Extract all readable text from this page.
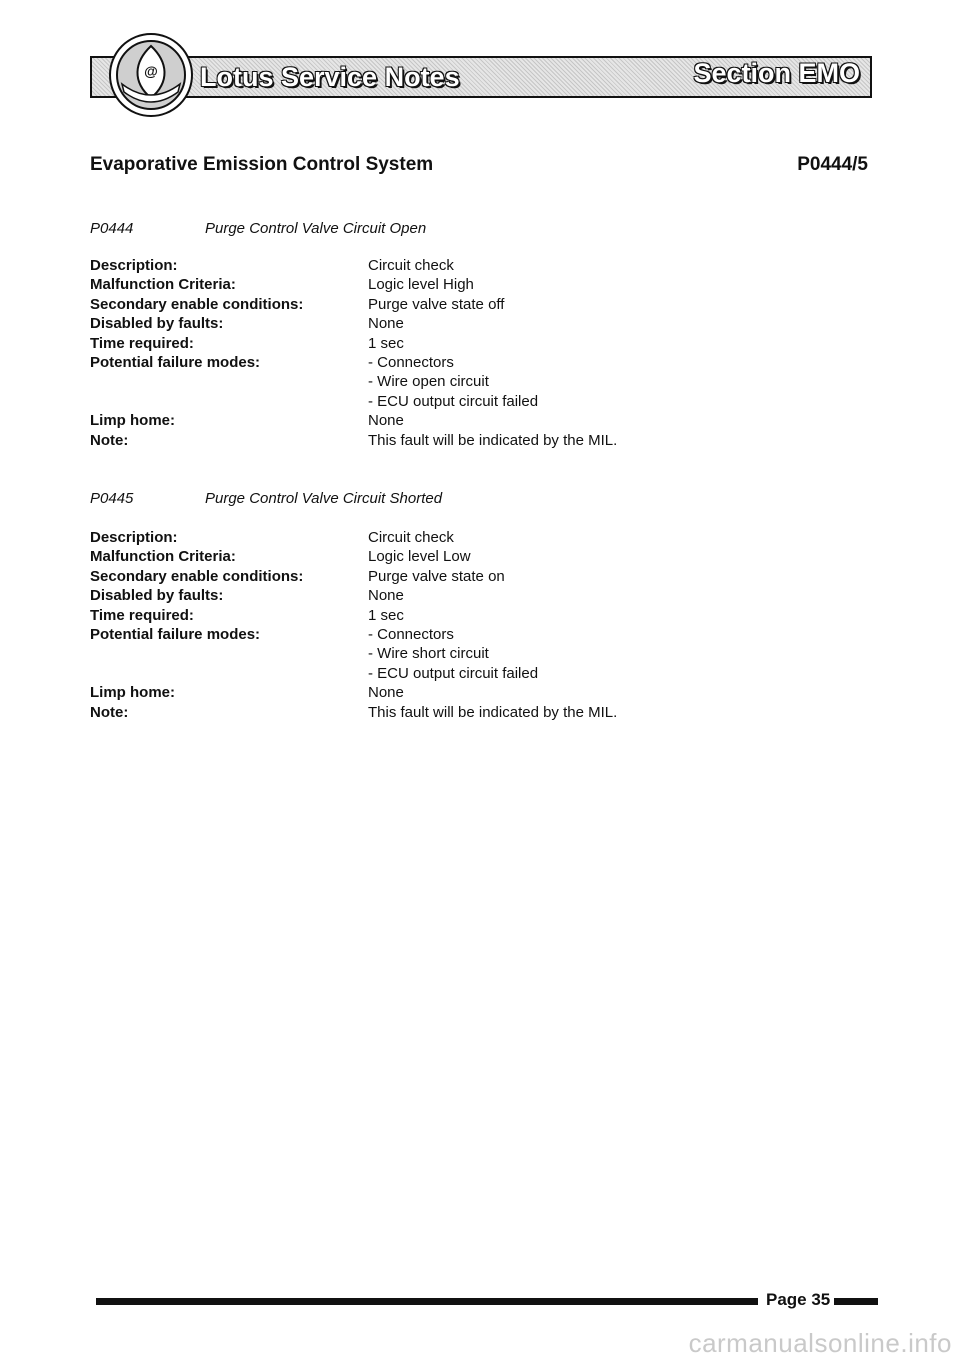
@ Lotus Service Notes	Section EMO
Evaporative Emission Control System	P0444/5
P0444	Purge Control Valve Circuit Open
Description:	Circuit check
Malfunction Criteria:	Logic level High
Secondary enable conditions:	Purge valve state off
Disabled by faults:	None
Time required:	1 sec
Potential failure modes:	- Connectors
	- Wire open circuit
	- ECU output circuit failed
Limp home:	None
Note:	This fault will be indicated by the MIL.
P0445	Purge Control Valve Circuit Shorted
Description:	Circuit check
Malfunction Criteria:	Logic level Low
Secondary enable conditions:	Purge valve state on
Disabled by faults:	None
Time required:	1 sec
Potential failure modes:	- Connectors
	- Wire short circuit
	- ECU output circuit failed
Limp home:	None
Note:	This fault will be indicated by the MIL.
Page 35
carmanualsonline.info
